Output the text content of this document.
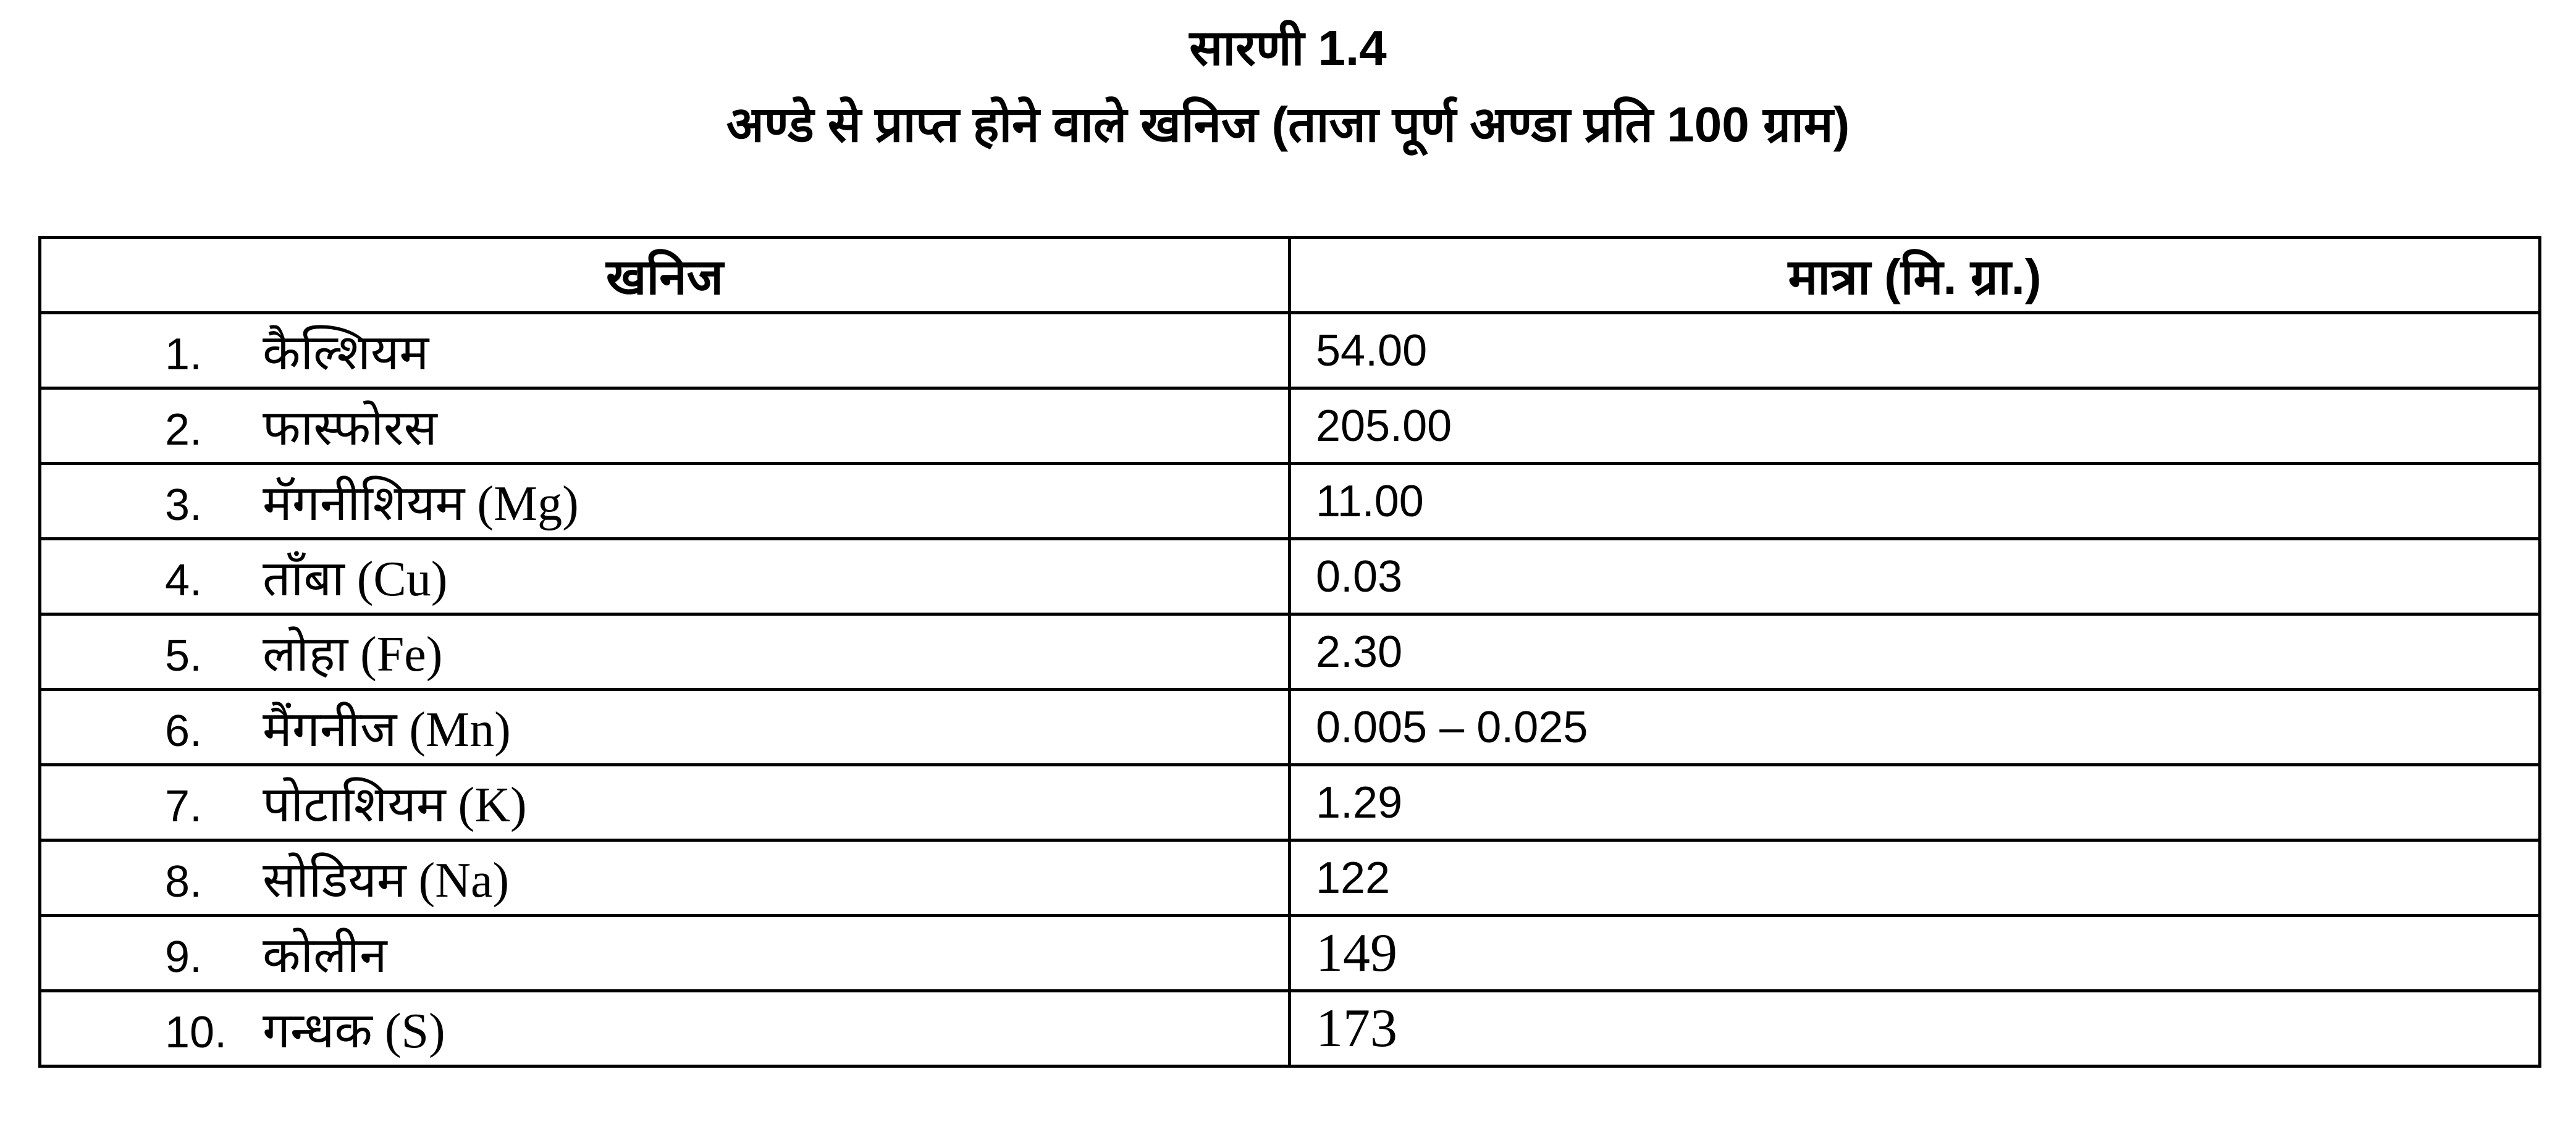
सारणी 1.4
अण्डे से प्राप्त होने वाले खनिज (ताजा पूर्ण अण्डा प्रति 100 ग्राम)
खनिज	मात्रा (मि. ग्रा.)
1. कैल्शियम	54.00
2. फास्फोरस	205.00
3. मॅगनीशियम (Mg)	11.00
4. ताँबा (Cu)	0.03
5. लोहा (Fe)	2.30
6. मैंगनीज (Mn)	0.005 – 0.025
7. पोटाशियम (K)	1.29
8. सोडियम (Na)	122
9. कोलीन	149
10. गन्धक (S)	173
